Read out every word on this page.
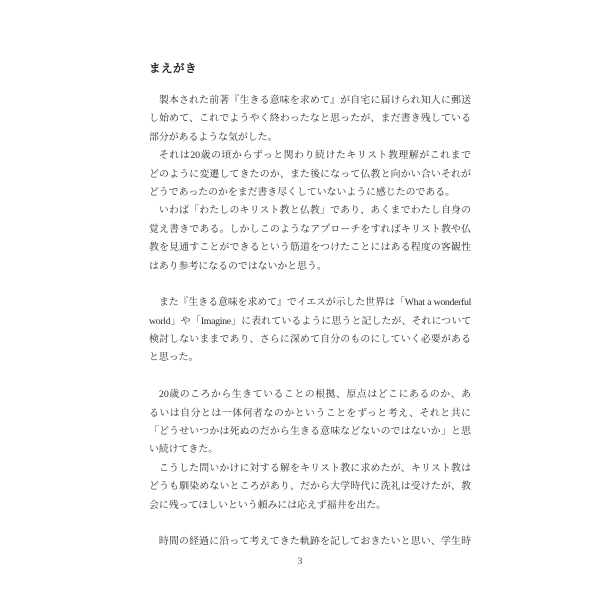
まえがき
製本された前著『生きる意味を求めて』が自宅に届けられ知人に郵送
し始めて、これでようやく終わったなと思ったが、まだ書き残している
部分があるような気がした。
それは20歳の頃からずっと関わり続けたキリスト教理解がこれまで
どのように変遷してきたのか、また後になって仏教と向かい合いそれが
どうであったのかをまだ書き尽くしていないように感じたのである。
いわば「わたしのキリスト教と仏教」であり、あくまでわたし自身の
覚え書きである。しかしこのようなアプローチをすればキリスト教や仏
教を見通すことができるという筋道をつけたことにはある程度の客観性
はあり参考になるのではないかと思う。
また『生きる意味を求めて』でイエスが示した世界は「What a wonderful
world」や「Imagine」に表れているように思うと記したが、それについて
検討しないままであり、さらに深めて自分のものにしていく必要がある
と思った。
20歳のころから生きていることの根拠、原点はどこにあるのか、あ
るいは自分とは一体何者なのかということをずっと考え、それと共に
「どうせいつかは死ぬのだから生きる意味などないのではないか」と思
い続けてきた。
こうした問いかけに対する解をキリスト教に求めたが、キリスト教は
どうも馴染めないところがあり、だから大学時代に洗礼は受けたが、教
会に残ってほしいという頼みには応えず福井を出た。
時間の経過に沿って考えてきた軌跡を記しておきたいと思い、学生時
3
